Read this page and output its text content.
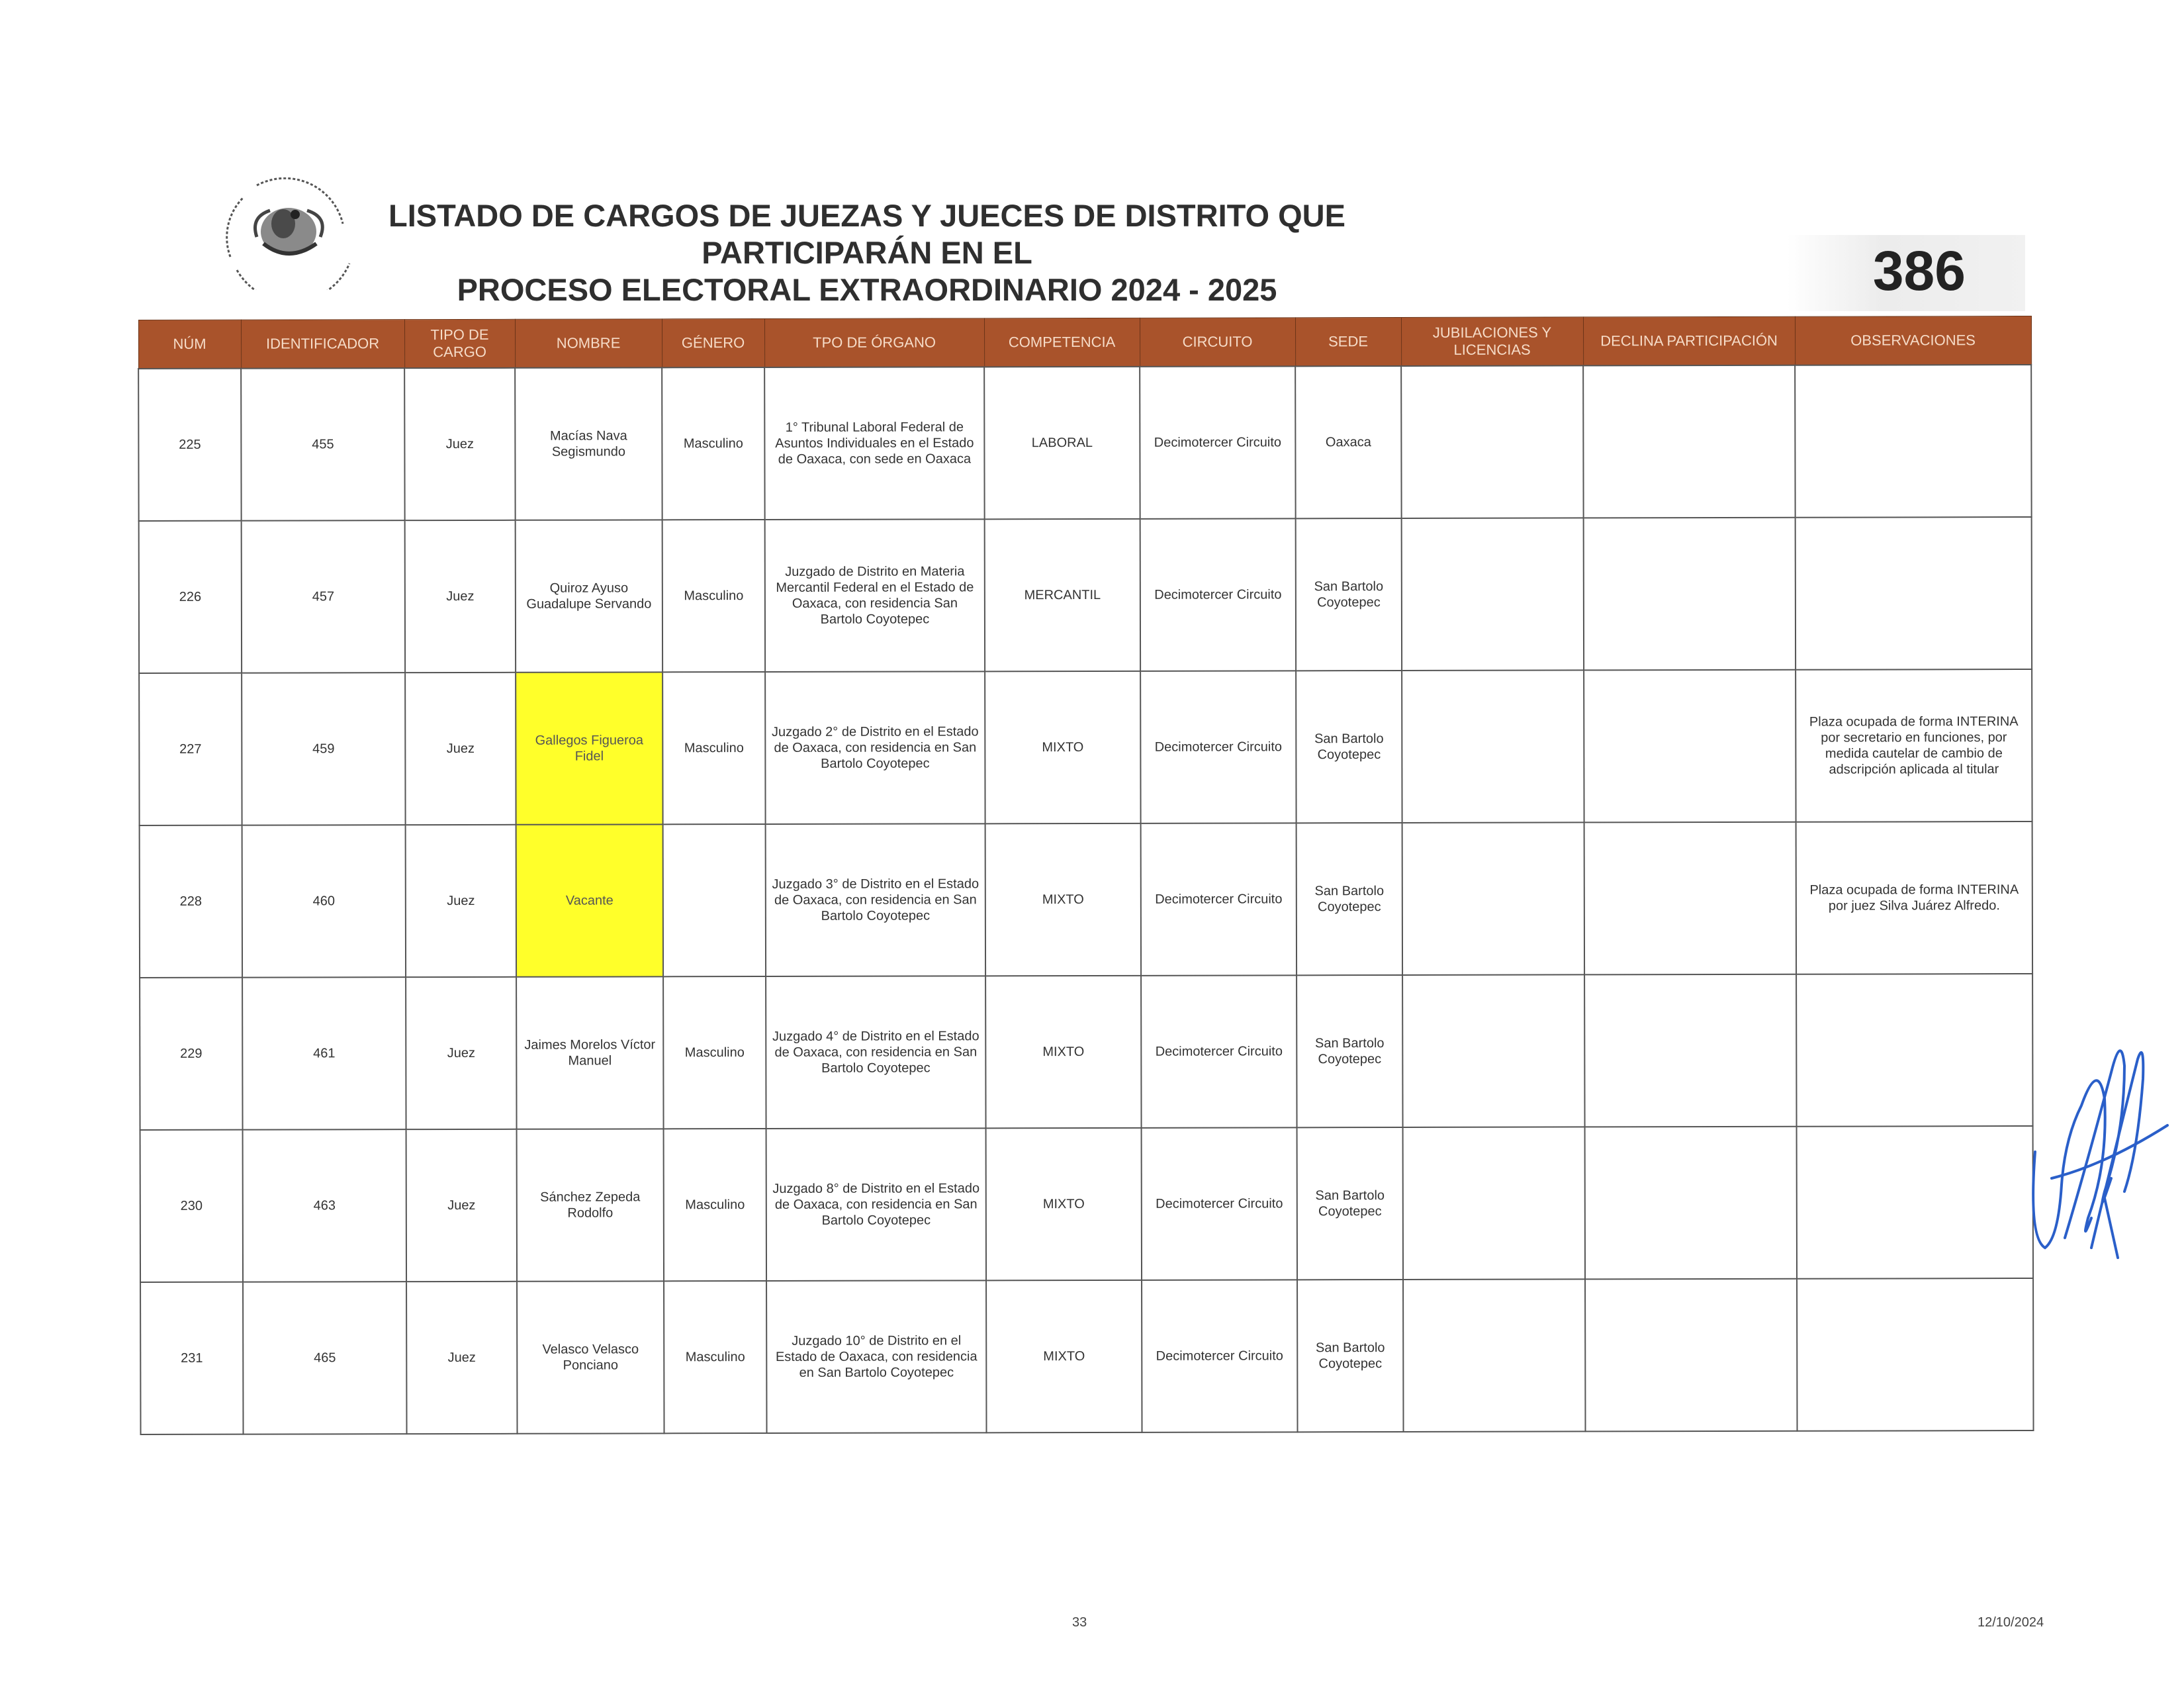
LISTADO DE CARGOS DE JUEZAS Y JUECES DE DISTRITO QUE PARTICIPARÁN EN EL
PROCESO ELECTORAL EXTRAORDINARIO 2024 - 2025	386
NÚM	IDENTIFICADOR	TIPO DE CARGO	NOMBRE	GÉNERO	TPO DE ÓRGANO	COMPETENCIA	CIRCUITO	SEDE	JUBILACIONES Y LICENCIAS	DECLINA PARTICIPACIÓN	OBSERVACIONES
225	455	Juez	Macías Nava Segismundo	Masculino	1° Tribunal Laboral Federal de Asuntos Individuales en el Estado de Oaxaca, con sede en Oaxaca	LABORAL	Decimotercer Circuito	Oaxaca			
226	457	Juez	Quiroz Ayuso Guadalupe Servando	Masculino	Juzgado de Distrito en Materia Mercantil Federal en el Estado de Oaxaca, con residencia San Bartolo Coyotepec	MERCANTIL	Decimotercer Circuito	San Bartolo Coyotepec			
227	459	Juez	Gallegos Figueroa Fidel	Masculino	Juzgado 2° de Distrito en el Estado de Oaxaca, con residencia en San Bartolo Coyotepec	MIXTO	Decimotercer Circuito	San Bartolo Coyotepec			Plaza ocupada de forma INTERINA por secretario en funciones, por medida cautelar de cambio de adscripción aplicada al titular
228	460	Juez	Vacante		Juzgado 3° de Distrito en el Estado de Oaxaca, con residencia en San Bartolo Coyotepec	MIXTO	Decimotercer Circuito	San Bartolo Coyotepec			Plaza ocupada de forma INTERINA por juez Silva Juárez Alfredo.
229	461	Juez	Jaimes Morelos Víctor Manuel	Masculino	Juzgado 4° de Distrito en el Estado de Oaxaca, con residencia en San Bartolo Coyotepec	MIXTO	Decimotercer Circuito	San Bartolo Coyotepec			
230	463	Juez	Sánchez Zepeda Rodolfo	Masculino	Juzgado 8° de Distrito en el Estado de Oaxaca, con residencia en San Bartolo Coyotepec	MIXTO	Decimotercer Circuito	San Bartolo Coyotepec			
231	465	Juez	Velasco Velasco Ponciano	Masculino	Juzgado 10° de Distrito en el Estado de Oaxaca, con residencia en San Bartolo Coyotepec	MIXTO	Decimotercer Circuito	San Bartolo Coyotepec			
33	12/10/2024
